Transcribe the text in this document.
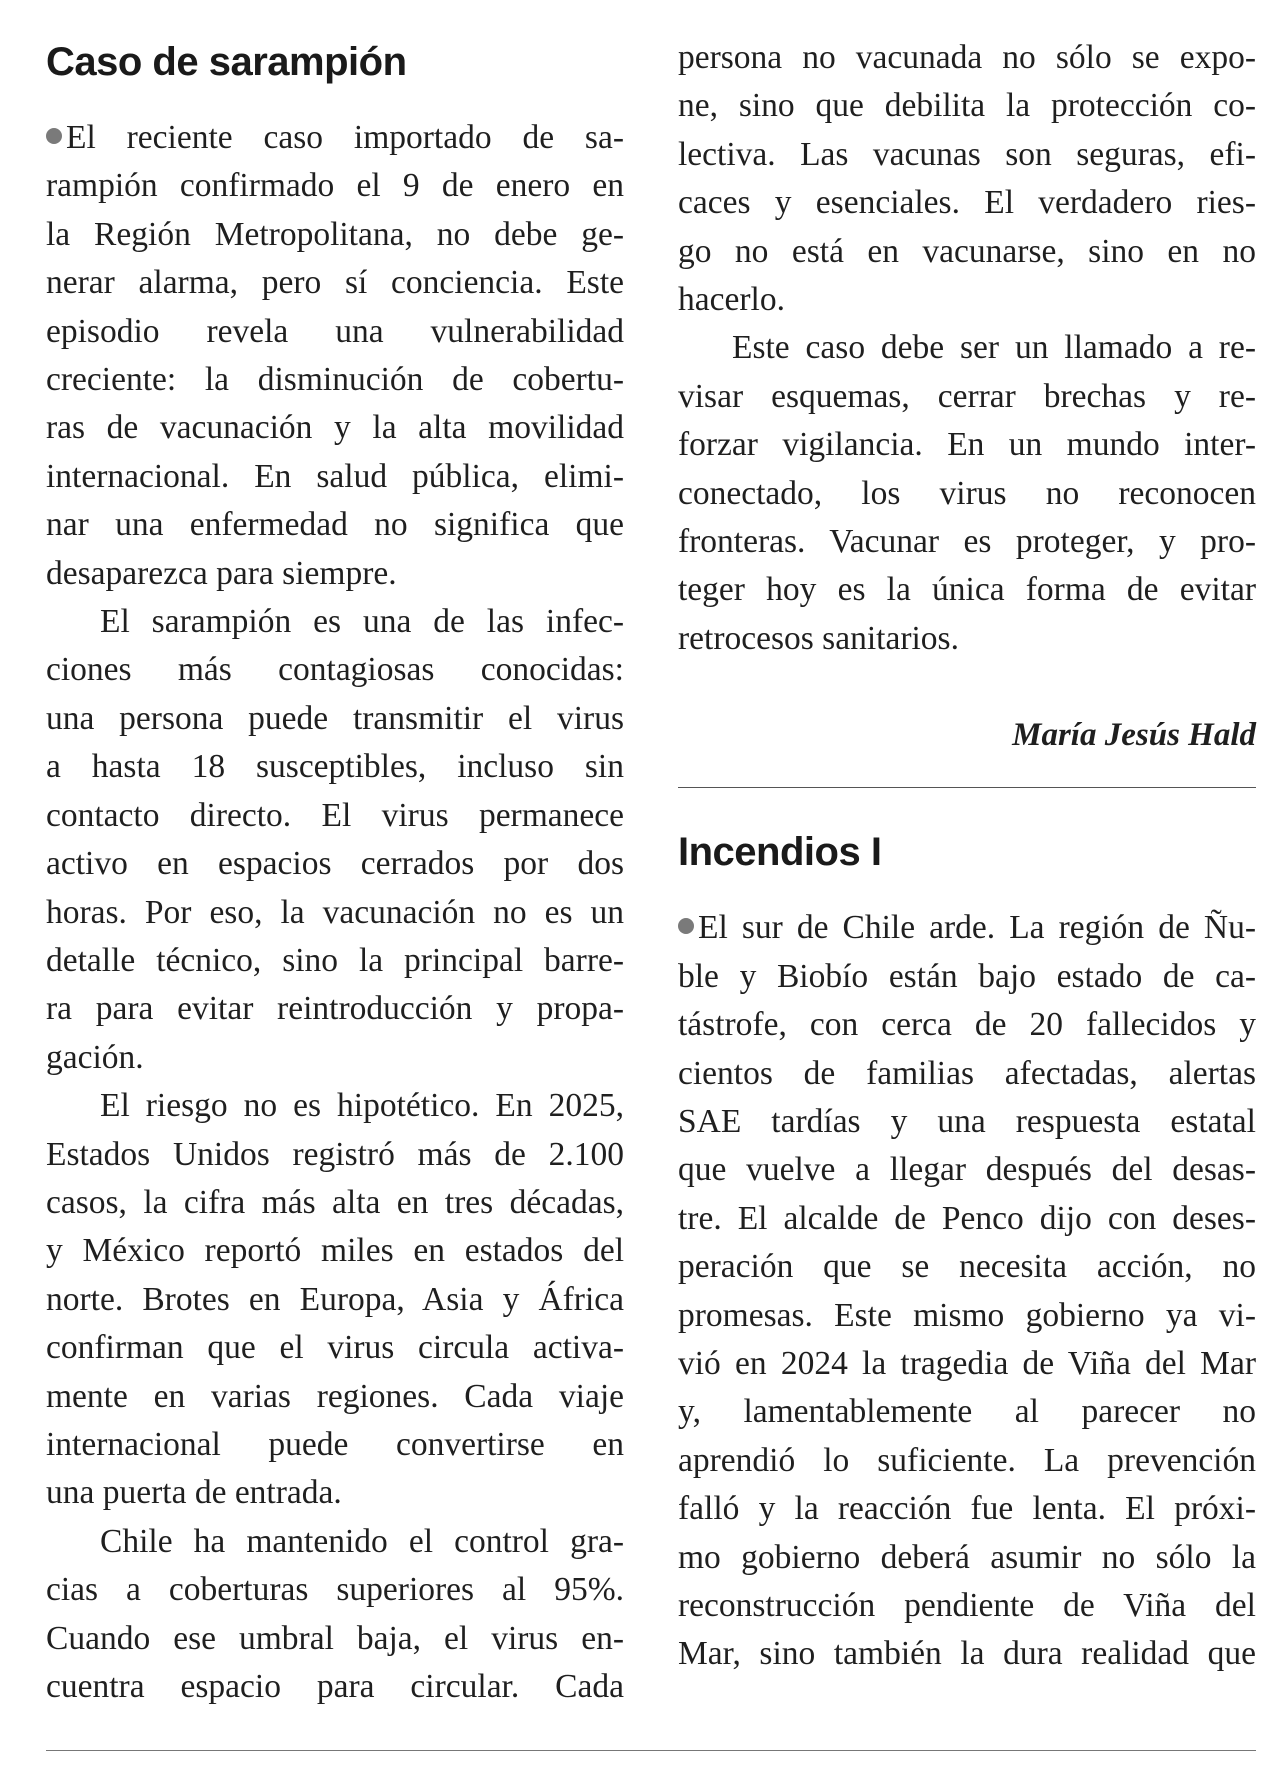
Caso de sarampión
El reciente caso importado de sa-
rampión confirmado el 9 de enero en
la Región Metropolitana, no debe ge-
nerar alarma, pero sí conciencia. Este
episodio revela una vulnerabilidad
creciente: la disminución de cobertu-
ras de vacunación y la alta movilidad
internacional. En salud pública, elimi-
nar una enfermedad no significa que
desaparezca para siempre.
El sarampión es una de las infec-
ciones más contagiosas conocidas:
una persona puede transmitir el virus
a hasta 18 susceptibles, incluso sin
contacto directo. El virus permanece
activo en espacios cerrados por dos
horas. Por eso, la vacunación no es un
detalle técnico, sino la principal barre-
ra para evitar reintroducción y propa-
gación.
El riesgo no es hipotético. En 2025,
Estados Unidos registró más de 2.100
casos, la cifra más alta en tres décadas,
y México reportó miles en estados del
norte. Brotes en Europa, Asia y África
confirman que el virus circula activa-
mente en varias regiones. Cada viaje
internacional puede convertirse en
una puerta de entrada.
Chile ha mantenido el control gra-
cias a coberturas superiores al 95%.
Cuando ese umbral baja, el virus en-
cuentra espacio para circular. Cada
persona no vacunada no sólo se expo-
ne, sino que debilita la protección co-
lectiva. Las vacunas son seguras, efi-
caces y esenciales. El verdadero ries-
go no está en vacunarse, sino en no
hacerlo.
Este caso debe ser un llamado a re-
visar esquemas, cerrar brechas y re-
forzar vigilancia. En un mundo inter-
conectado, los virus no reconocen
fronteras. Vacunar es proteger, y pro-
teger hoy es la única forma de evitar
retrocesos sanitarios.

María Jesús Hald

Incendios I
El sur de Chile arde. La región de Ñu-
ble y Biobío están bajo estado de ca-
tástrofe, con cerca de 20 fallecidos y
cientos de familias afectadas, alertas
SAE tardías y una respuesta estatal
que vuelve a llegar después del desas-
tre. El alcalde de Penco dijo con deses-
peración que se necesita acción, no
promesas. Este mismo gobierno ya vi-
vió en 2024 la tragedia de Viña del Mar
y, lamentablemente al parecer no
aprendió lo suficiente. La prevención
falló y la reacción fue lenta. El próxi-
mo gobierno deberá asumir no sólo la
reconstrucción pendiente de Viña del
Mar, sino también la dura realidad que
